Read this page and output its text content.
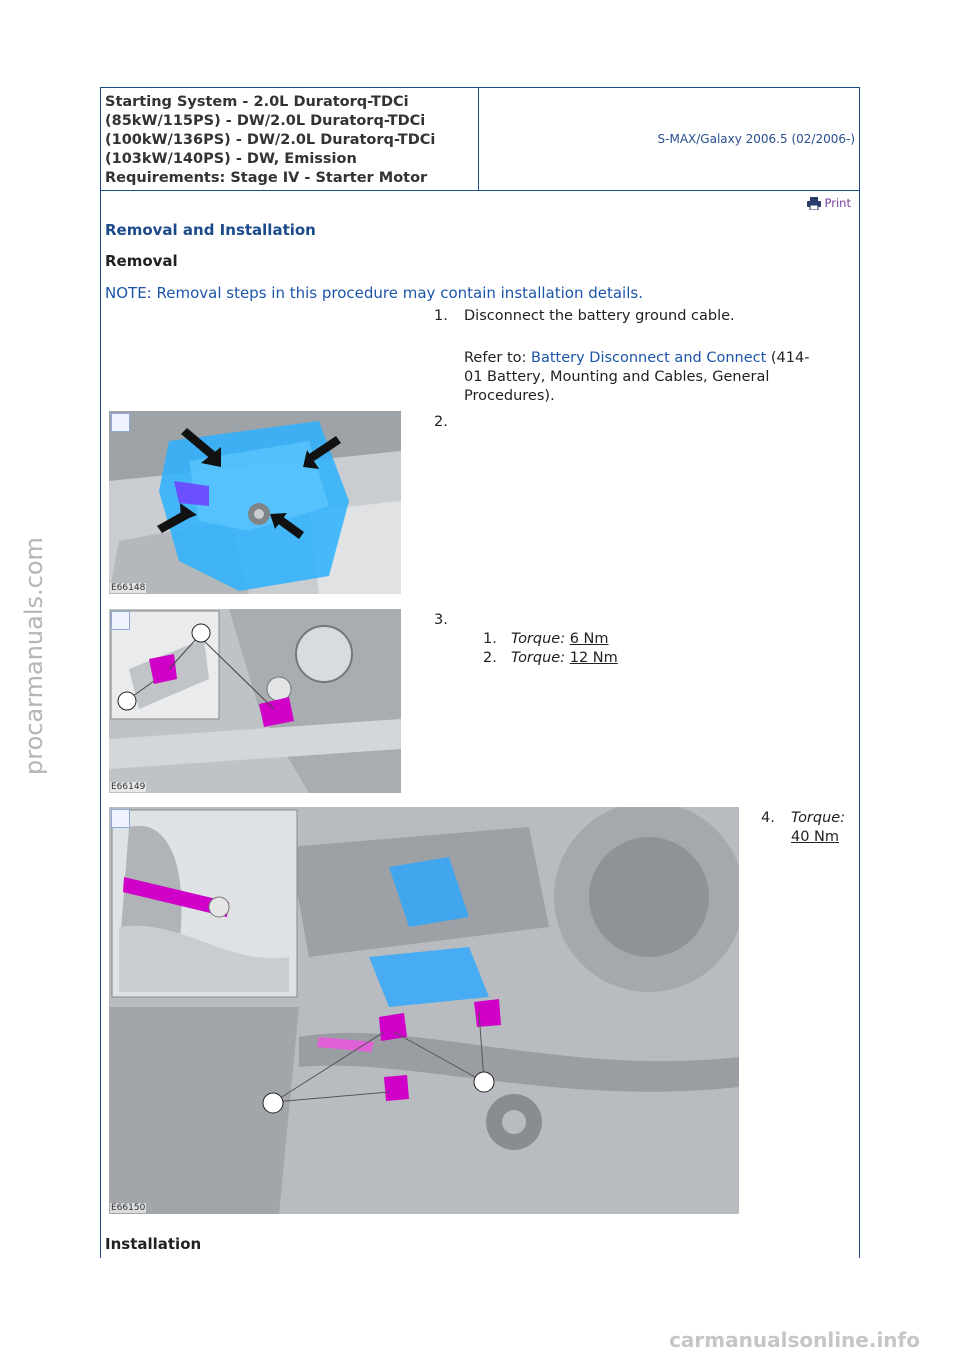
Starting System - 2.0L Duratorq-TDCi
(85kW/115PS) - DW/2.0L Duratorq-TDCi
(100kW/136PS) - DW/2.0L Duratorq-TDCi
(103kW/140PS) - DW, Emission
Requirements: Stage IV - Starter Motor
S-MAX/Galaxy 2006.5 (02/2006-)
Print
Removal and Installation
Removal
NOTE: Removal steps in this procedure may contain installation details.
1. Disconnect the battery ground cable.
Refer to: Battery Disconnect and Connect (414-
01 Battery, Mounting and Cables, General
Procedures).
E66148
2.
E66149
3.
1. Torque: 6 Nm
2. Torque: 12 Nm
E66150
4. Torque:
40 Nm
Installation
procarmanuals.com
carmanualsonline.info
